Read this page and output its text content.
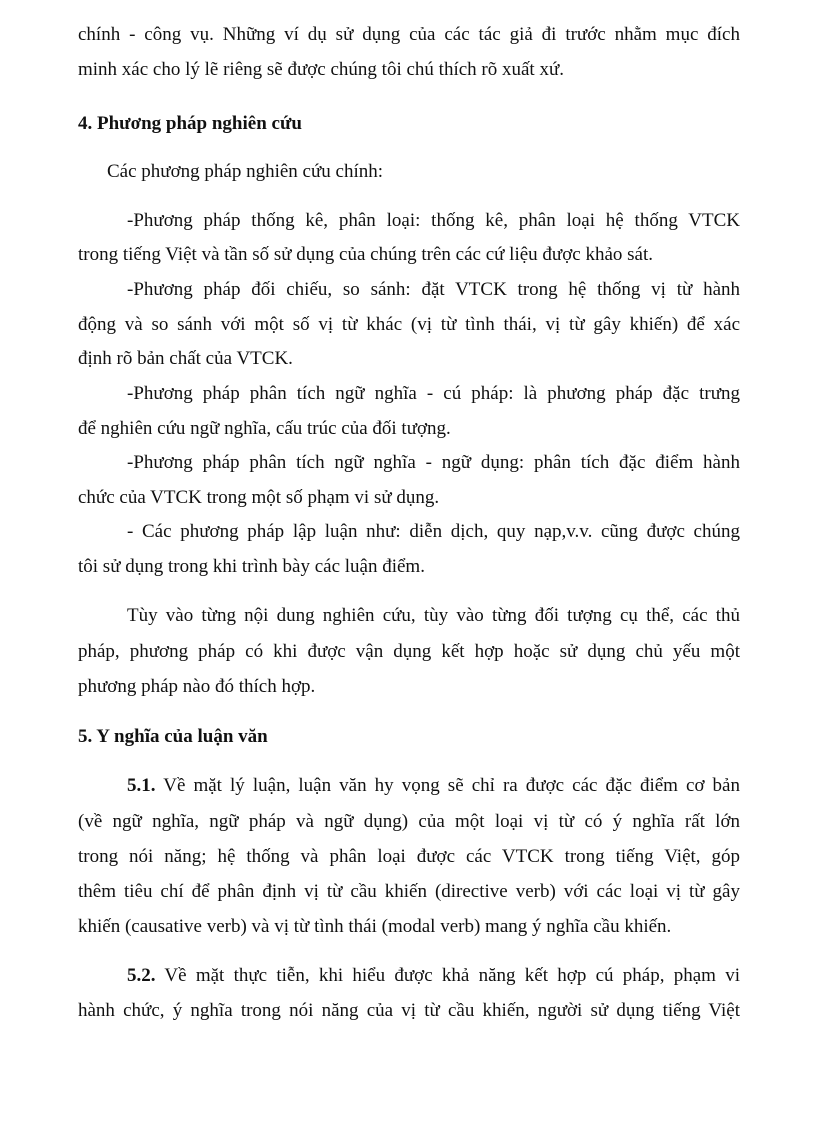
chính - công vụ. Những ví dụ sử dụng của các tác giả đi trước nhằm mục đích
minh xác cho lý lẽ riêng sẽ được chúng tôi chú thích rõ xuất xứ.
4. Phương pháp nghiên cứu
Các phương pháp nghiên cứu chính:
-Phương pháp thống kê, phân loại: thống kê, phân loại hệ thống VTCK
trong tiếng Việt và tần số sử dụng của chúng trên các cứ liệu được khảo sát.
-Phương pháp đối chiếu, so sánh: đặt VTCK trong hệ thống vị từ hành
động và so sánh với một số vị từ khác (vị từ tình thái, vị từ gây khiến) để xác
định rõ bản chất của VTCK.
-Phương pháp phân tích ngữ nghĩa - cú pháp: là phương pháp đặc trưng
để nghiên cứu ngữ nghĩa, cấu trúc của đối tượng.
-Phương pháp phân tích ngữ nghĩa - ngữ dụng: phân tích đặc điểm hành
chức của VTCK trong một số phạm vi sử dụng.
- Các phương pháp lập luận như: diễn dịch, quy nạp,v.v. cũng được chúng
tôi sử dụng trong khi trình bày các luận điểm.
Tùy vào từng nội dung nghiên cứu, tùy vào từng đối tượng cụ thể, các thủ
pháp, phương pháp có khi được vận dụng kết hợp hoặc sử dụng chủ yếu một
phương pháp nào đó thích hợp.
5. Y nghĩa của luận văn
5.1. Về mặt lý luận, luận văn hy vọng sẽ chỉ ra được các đặc điểm cơ bản
(về ngữ nghĩa, ngữ pháp và ngữ dụng) của một loại vị từ có ý nghĩa rất lớn
trong nói năng; hệ thống và phân loại được các VTCK trong tiếng Việt, góp
thêm tiêu chí để phân định vị từ cầu khiến (directive verb) với các loại vị từ gây
khiến (causative verb) và vị từ tình thái (modal verb) mang ý nghĩa cầu khiến.
5.2. Về mặt thực tiễn, khi hiểu được khả năng kết hợp cú pháp, phạm vi
hành chức, ý nghĩa trong nói năng của vị từ cầu khiến, người sử dụng tiếng Việt
